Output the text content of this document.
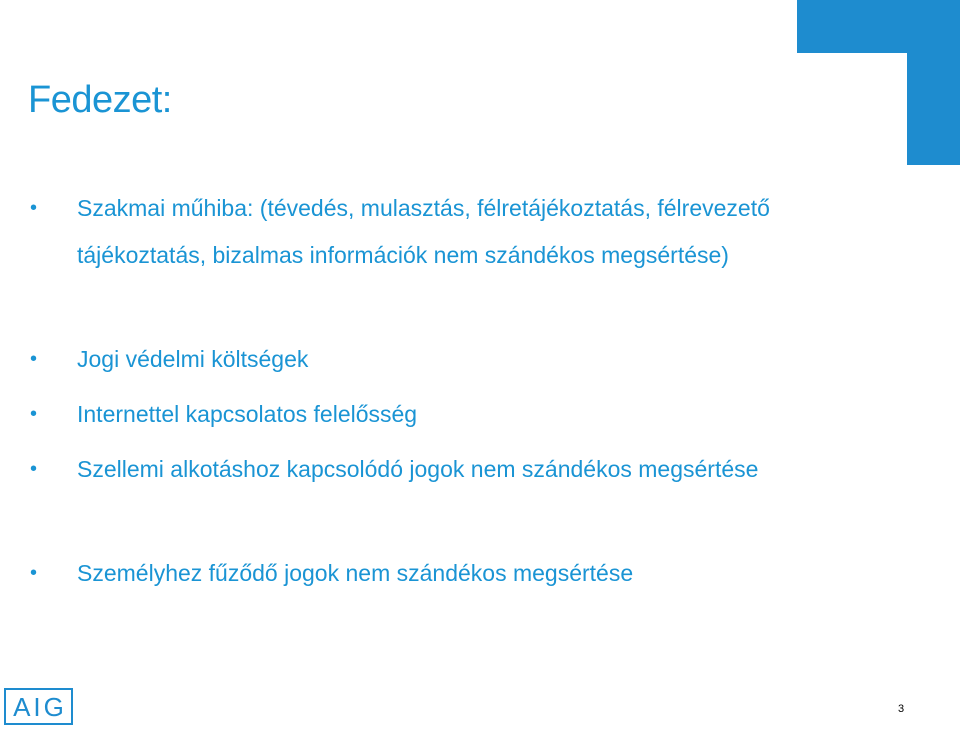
Fedezet:
• Szakmai műhiba: (tévedés, mulasztás, félretájékoztatás, félrevezető tájékoztatás, bizalmas információk nem szándékos megsértése)
• Jogi védelmi költségek
• Internettel kapcsolatos felelősség
• Szellemi alkotáshoz kapcsolódó jogok nem szándékos megsértése
• Személyhez fűződő jogok nem szándékos megsértése
AIG	3
